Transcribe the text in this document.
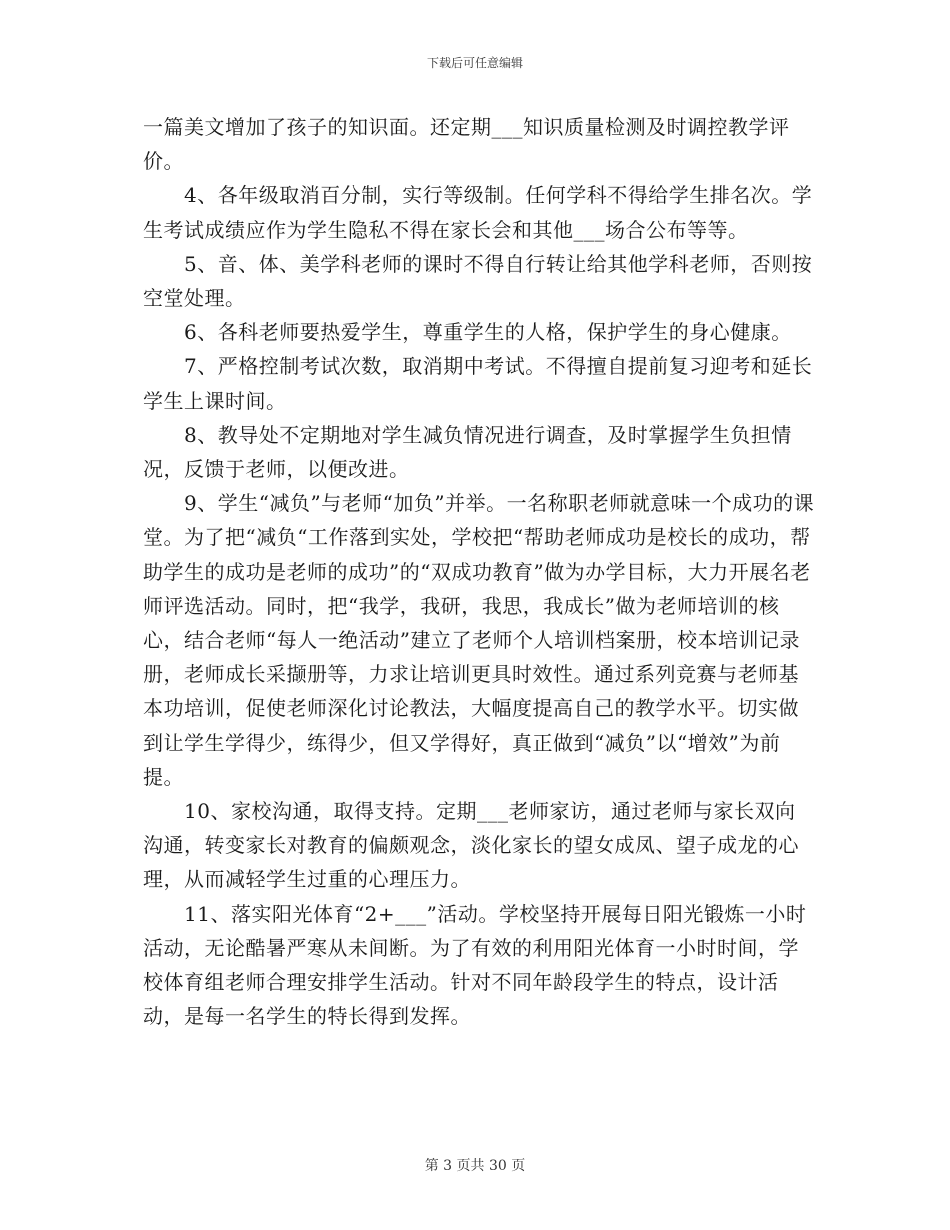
下载后可任意编辑

一篇美文增加了孩子的知识面。还定期___知识质量检测及时调控教学评价。

　　4、各年级取消百分制，实行等级制。任何学科不得给学生排名次。学生考试成绩应作为学生隐私不得在家长会和其他___场合公布等等。

　　5、音、体、美学科老师的课时不得自行转让给其他学科老师，否则按空堂处理。

　　6、各科老师要热爱学生，尊重学生的人格，保护学生的身心健康。

　　7、严格控制考试次数，取消期中考试。不得擅自提前复习迎考和延长学生上课时间。

　　8、教导处不定期地对学生减负情况进行调查，及时掌握学生负担情况，反馈于老师，以便改进。

　　9、学生“减负”与老师“加负”并举。一名称职老师就意味一个成功的课堂。为了把“减负“工作落到实处，学校把“帮助老师成功是校长的成功，帮助学生的成功是老师的成功”的“双成功教育”做为办学目标，大力开展名老师评选活动。同时，把“我学，我研，我思，我成长”做为老师培训的核心，结合老师“每人一绝活动”建立了老师个人培训档案册，校本培训记录册，老师成长采撷册等，力求让培训更具时效性。通过系列竞赛与老师基本功培训，促使老师深化讨论教法，大幅度提高自己的教学水平。切实做到让学生学得少，练得少，但又学得好，真正做到“减负”以“增效”为前提。

　　10、家校沟通，取得支持。定期___老师家访，通过老师与家长双向沟通，转变家长对教育的偏颇观念，淡化家长的望女成凤、望子成龙的心理，从而减轻学生过重的心理压力。

　　11、落实阳光体育“2+___”活动。学校坚持开展每日阳光锻炼一小时活动，无论酷暑严寒从未间断。为了有效的利用阳光体育一小时时间，学校体育组老师合理安排学生活动。针对不同年龄段学生的特点，设计活动，是每一名学生的特长得到发挥。

第 3 页共 30 页
